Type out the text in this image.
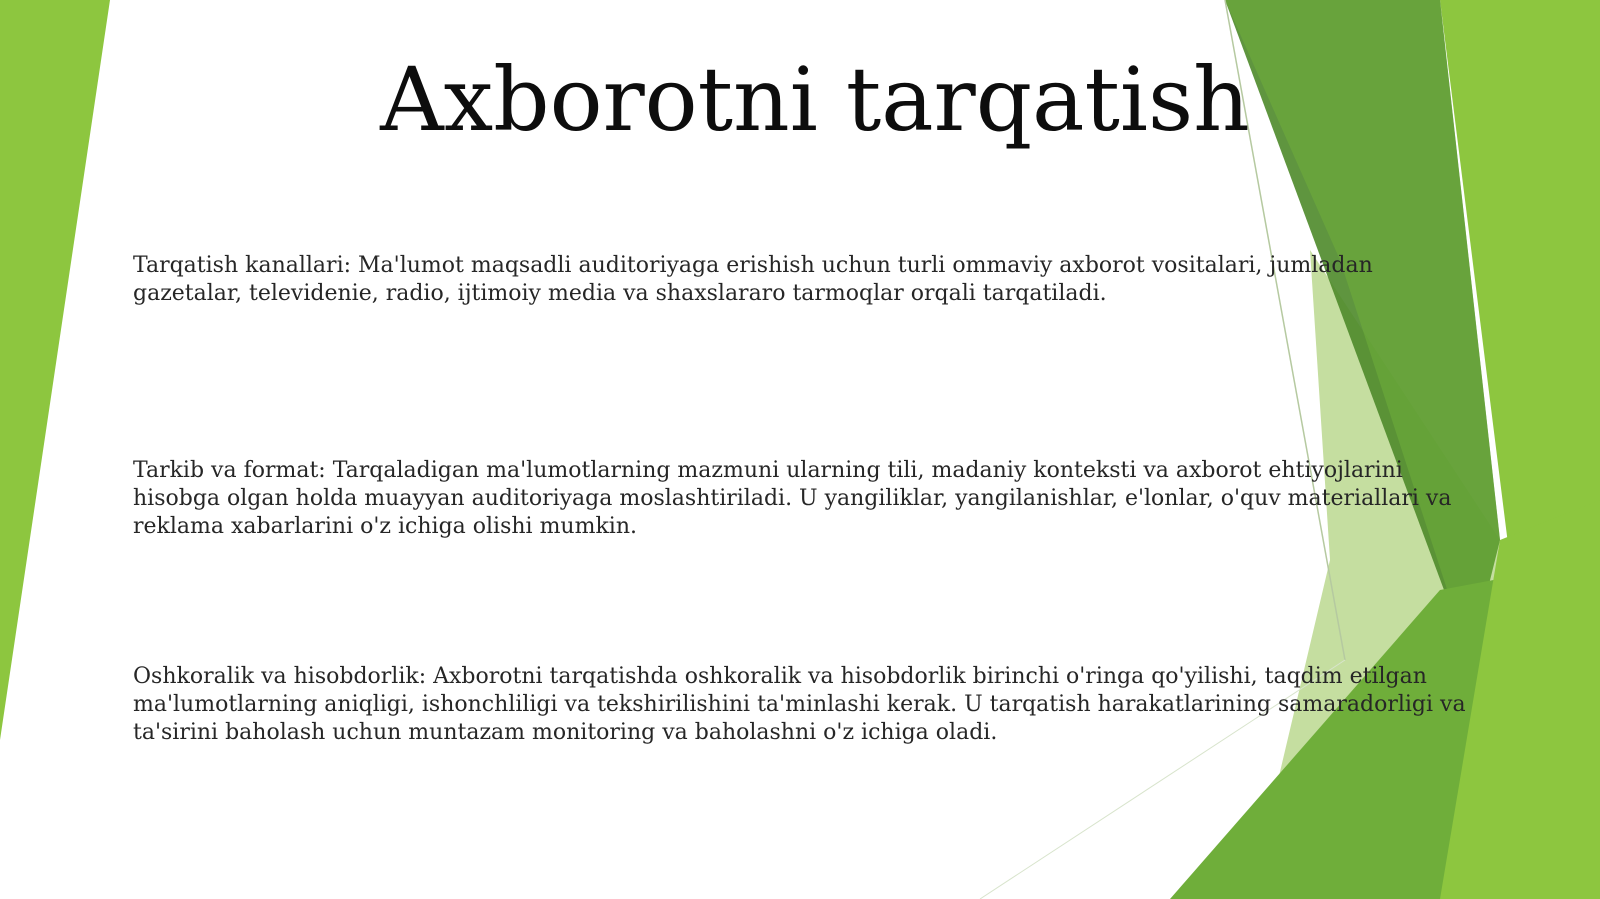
Axborotni tarqatish

Tarqatish kanallari: Ma'lumot maqsadli auditoriyaga erishish uchun turli ommaviy axborot vositalari, jumladan gazetalar, televidenie, radio, ijtimoiy media va shaxslararo tarmoqlar orqali tarqatiladi.

Tarkib va format: Tarqaladigan ma'lumotlarning mazmuni ularning tili, madaniy konteksti va axborot ehtiyojlarini hisobga olgan holda muayyan auditoriyaga moslashtiriladi. U yangiliklar, yangilanishlar, e'lonlar, o'quv materiallari va reklama xabarlarini o'z ichiga olishi mumkin.

Oshkoralik va hisobdorlik: Axborotni tarqatishda oshkoralik va hisobdorlik birinchi o'ringa qo'yilishi, taqdim etilgan ma'lumotlarning aniqligi, ishonchliligi va tekshirilishini ta'minlashi kerak. U tarqatish harakatlarining samaradorligi va ta'sirini baholash uchun muntazam monitoring va baholashni o'z ichiga oladi.
